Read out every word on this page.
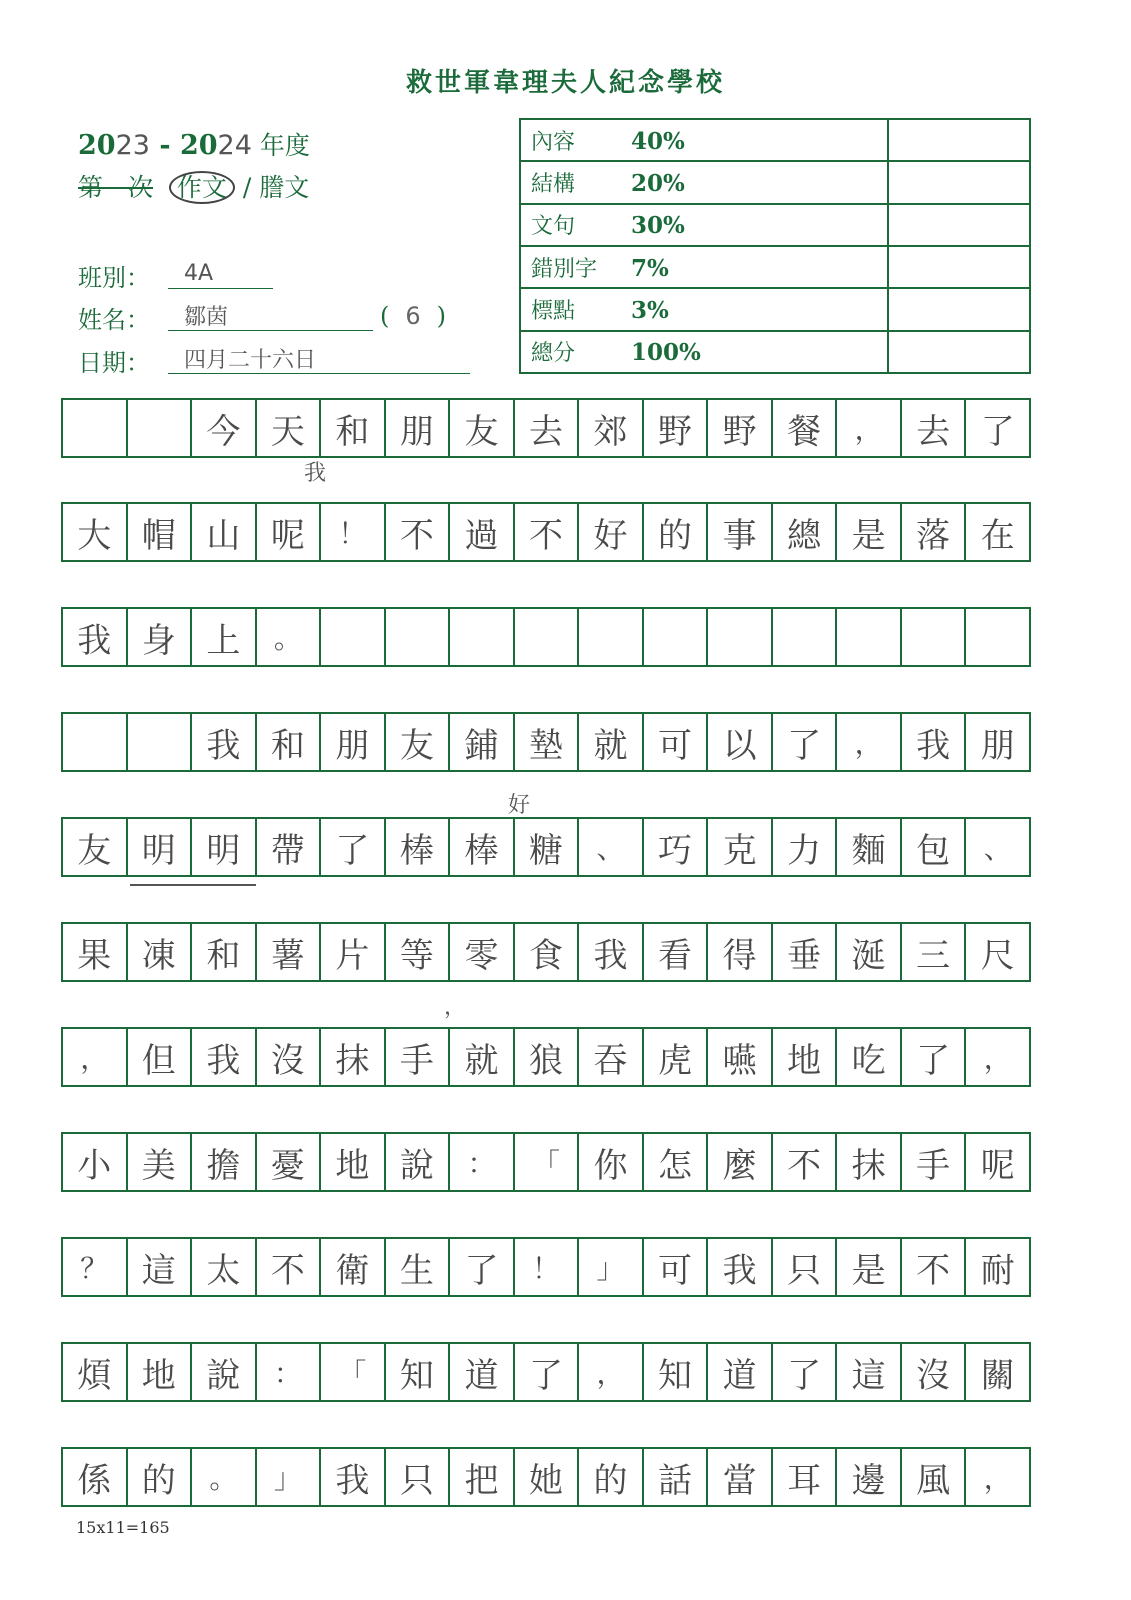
救世軍韋理夫人紀念學校
2023 - 2024 年度
第　次 作文 / 謄文
班別：	4A
姓名：	鄒茵	( 6 )
日期：	四月二十六日
內容 40%	
結構 20%	
文句 30%	
錯別字 7%	
標點 3%	
總分 100%	
今 天 和 朋 友 去 郊 野 野 餐	， 去 了
大 帽 山 呢	！ 不 過 不 好 的 事 總 是 落 在
我 身 上	。
我 和 朋 友 鋪 墊 就 可 以 了	， 我 朋
友 明 明 帶 了 棒 棒 糖	、 巧 克 力 麵 包	、
果 凍 和 薯 片 等 零 食 我 看 得 垂 涎 三 尺
， 但 我 沒 抹 手 就 狼 吞 虎 嚥 地 吃 了	，
小 美 擔 憂 地 說	：	「 你 怎 麼 不 抹 手 呢
？ 這 太 不 衛 生 了	！	」 可 我 只 是 不 耐
煩 地 說	：	「 知 道 了	， 知 道 了 這 沒 關
係 的	。	」 我 只 把 她 的 話 當 耳 邊 風	，
我
好
，
15x11=165
